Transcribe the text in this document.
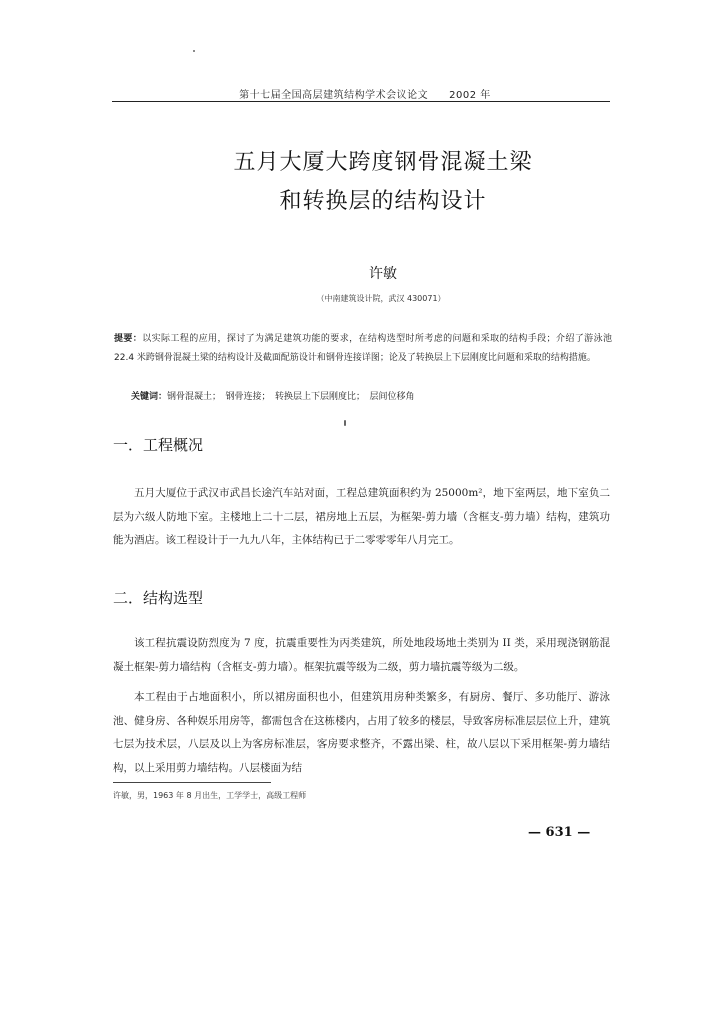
第十七届全国高层建筑结构学术会议论文　　2002 年
五月大厦大跨度钢骨混凝土梁
和转换层的结构设计
许敏
（中南建筑设计院，武汉 430071）
提要：以实际工程的应用，探讨了为满足建筑功能的要求，在结构选型时所考虑的问题和采取的结构手段；介绍了游泳池 22.4 米跨钢骨混凝土梁的结构设计及截面配筋设计和钢骨连接详图；论及了转换层上下层刚度比问题和采取的结构措施。
关键词：钢骨混凝土；　钢骨连接；　转换层上下层刚度比；　层间位移角
一．工程概况
五月大厦位于武汉市武昌长途汽车站对面，工程总建筑面积约为 25000m²，地下室两层，地下室负二层为六级人防地下室。主楼地上二十二层，裙房地上五层，为框架-剪力墙（含框支-剪力墙）结构，建筑功能为酒店。该工程设计于一九九八年，主体结构已于二零零零年八月完工。
二．结构选型
该工程抗震设防烈度为 7 度，抗震重要性为丙类建筑，所处地段场地土类别为 II 类，采用现浇钢筋混凝土框架-剪力墙结构（含框支-剪力墙）。框架抗震等级为二级，剪力墙抗震等级为二级。
本工程由于占地面积小，所以裙房面积也小，但建筑用房种类繁多，有厨房、餐厅、多功能厅、游泳池、健身房、各种娱乐用房等，都需包含在这栋楼内，占用了较多的楼层，导致客房标准层层位上升，建筑七层为技术层，八层及以上为客房标准层，客房要求整齐，不露出梁、柱，故八层以下采用框架-剪力墙结构，以上采用剪力墙结构。八层楼面为结
许敏，男，1963 年 8 月出生，工学学士，高级工程师
— 631 —
